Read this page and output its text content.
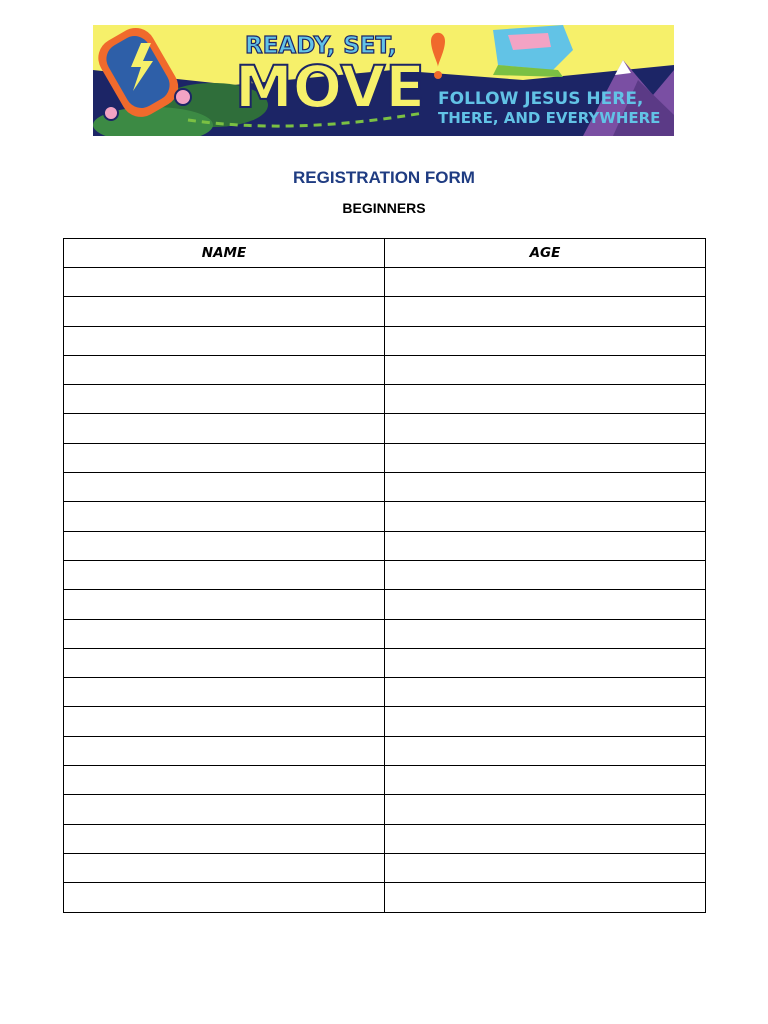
READY, SET,
MOVE FOLLOW JESUS HERE,
THERE, AND EVERYWHERE
REGISTRATION FORM
BEGINNERS
NAME	AGE
